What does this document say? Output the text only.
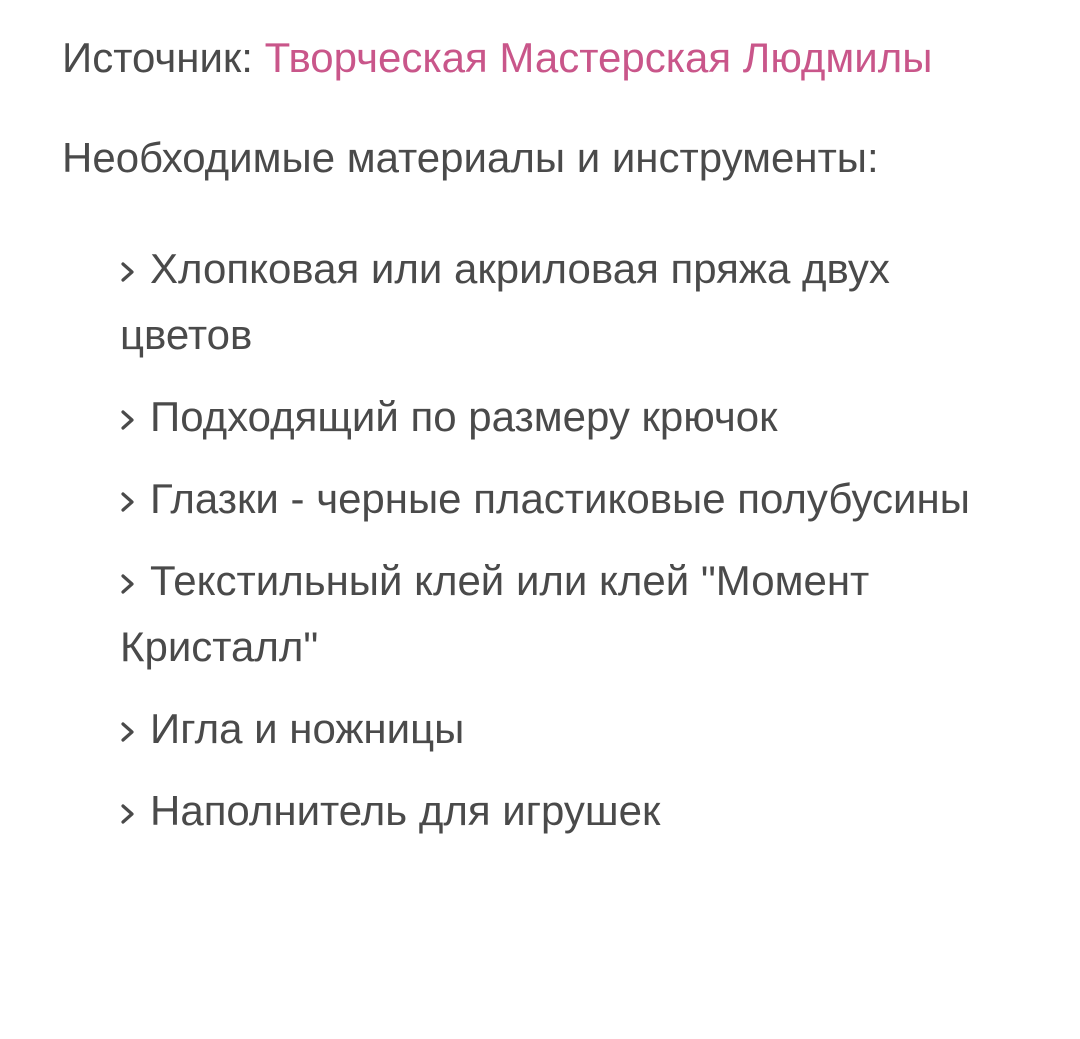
Источник: Творческая Мастерская Людмилы

Необходимые материалы и инструменты:

Хлопковая или акриловая пряжа двух цветов
Подходящий по размеру крючок
Глазки - черные пластиковые полубусины
Текстильный клей или клей "Момент Кристалл"
Игла и ножницы
Наполнитель для игрушек
